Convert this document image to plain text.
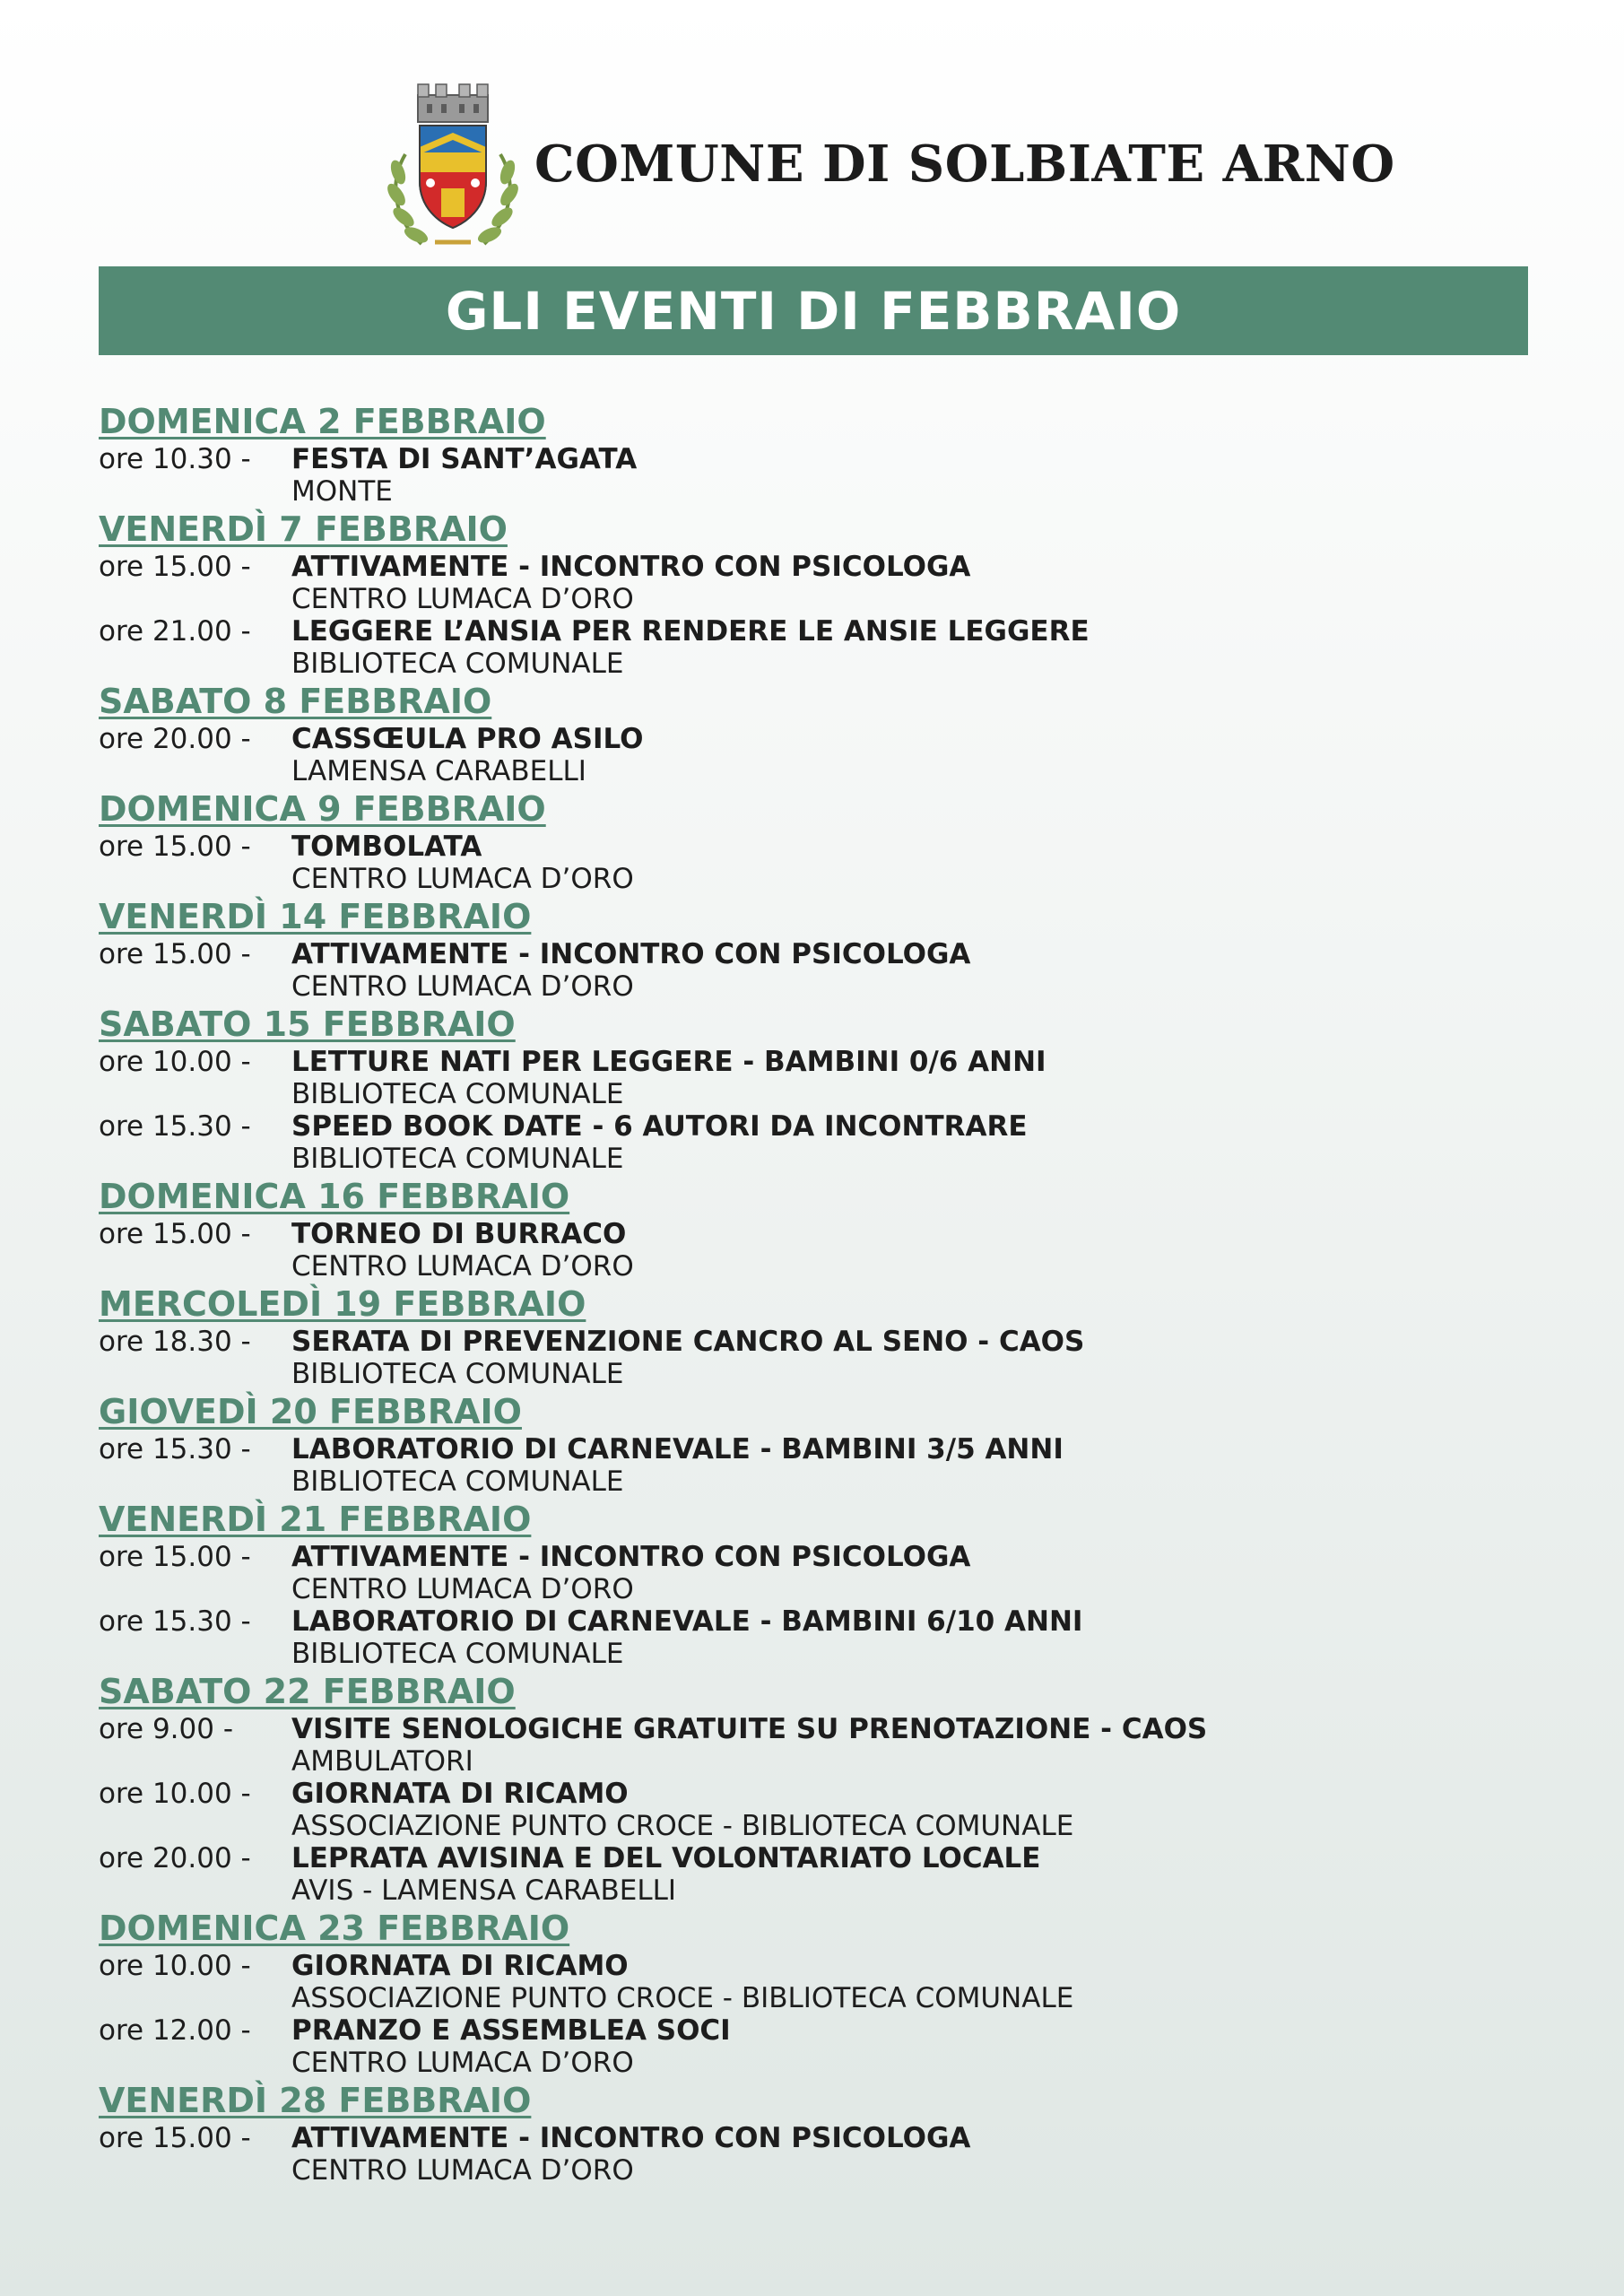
COMUNE DI SOLBIATE ARNO
GLI EVENTI DI FEBBRAIO
DOMENICA 2 FEBBRAIO
ore 10.30 -	FESTA DI SANT’AGATA
MONTE
VENERDÌ 7 FEBBRAIO
ore 15.00 -	ATTIVAMENTE - INCONTRO CON PSICOLOGA
CENTRO LUMACA D’ORO
ore 21.00 -	LEGGERE L’ANSIA PER RENDERE LE ANSIE LEGGERE
BIBLIOTECA COMUNALE
SABATO 8 FEBBRAIO
ore 20.00 -	CASSŒULA PRO ASILO
LAMENSA CARABELLI
DOMENICA 9 FEBBRAIO
ore 15.00 -	TOMBOLATA
CENTRO LUMACA D’ORO
VENERDÌ 14 FEBBRAIO
ore 15.00 -	ATTIVAMENTE - INCONTRO CON PSICOLOGA
CENTRO LUMACA D’ORO
SABATO 15 FEBBRAIO
ore 10.00 -	LETTURE NATI PER LEGGERE - BAMBINI 0/6 ANNI
BIBLIOTECA COMUNALE
ore 15.30 -	SPEED BOOK DATE - 6 AUTORI DA INCONTRARE
BIBLIOTECA COMUNALE
DOMENICA 16 FEBBRAIO
ore 15.00 -	TORNEO DI BURRACO
CENTRO LUMACA D’ORO
MERCOLEDÌ 19 FEBBRAIO
ore 18.30 -	SERATA DI PREVENZIONE CANCRO AL SENO - CAOS
BIBLIOTECA COMUNALE
GIOVEDÌ 20 FEBBRAIO
ore 15.30 -	LABORATORIO DI CARNEVALE - BAMBINI 3/5 ANNI
BIBLIOTECA COMUNALE
VENERDÌ 21 FEBBRAIO
ore 15.00 -	ATTIVAMENTE - INCONTRO CON PSICOLOGA
CENTRO LUMACA D’ORO
ore 15.30 -	LABORATORIO DI CARNEVALE - BAMBINI 6/10 ANNI
BIBLIOTECA COMUNALE
SABATO 22 FEBBRAIO
ore 9.00 -	VISITE SENOLOGICHE GRATUITE SU PRENOTAZIONE - CAOS
AMBULATORI
ore 10.00 -	GIORNATA DI RICAMO
ASSOCIAZIONE PUNTO CROCE - BIBLIOTECA COMUNALE
ore 20.00 -	LEPRATA AVISINA E DEL VOLONTARIATO LOCALE
AVIS - LAMENSA CARABELLI
DOMENICA 23 FEBBRAIO
ore 10.00 -	GIORNATA DI RICAMO
ASSOCIAZIONE PUNTO CROCE - BIBLIOTECA COMUNALE
ore 12.00 -	PRANZO E ASSEMBLEA SOCI
CENTRO LUMACA D’ORO
VENERDÌ 28 FEBBRAIO
ore 15.00 -	ATTIVAMENTE - INCONTRO CON PSICOLOGA
CENTRO LUMACA D’ORO
